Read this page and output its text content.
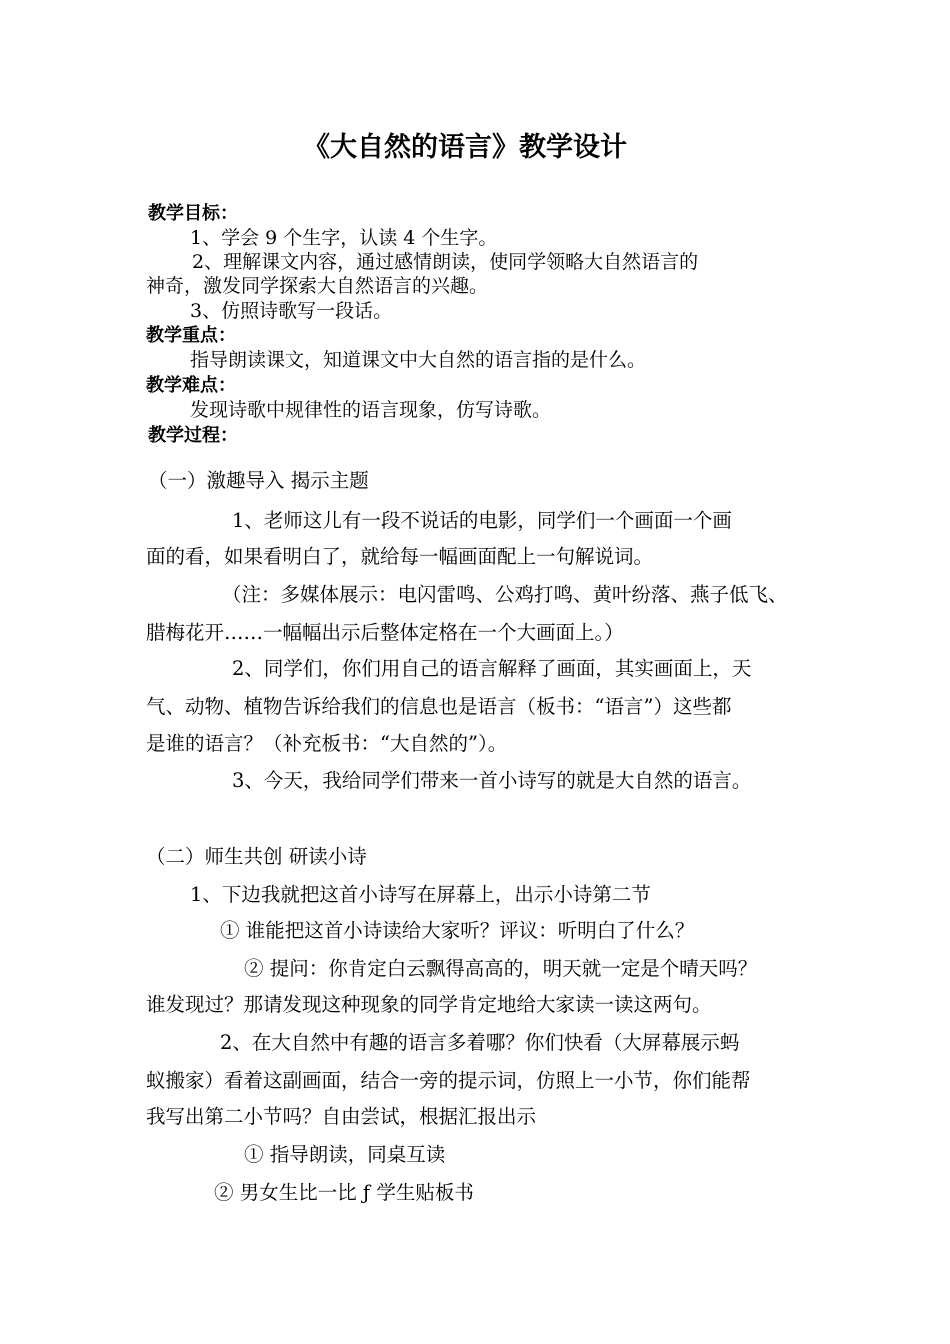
《大自然的语言》教学设计
教学目标：
1、学会 9 个生字，认读 4 个生字。
2、理解课文内容，通过感情朗读，使同学领略大自然语言的
神奇，激发同学探索大自然语言的兴趣。
3、仿照诗歌写一段话。
教学重点：
指导朗读课文，知道课文中大自然的语言指的是什么。
教学难点：
发现诗歌中规律性的语言现象，仿写诗歌。
教学过程：
（一）激趣导入 揭示主题
1、老师这儿有一段不说话的电影，同学们一个画面一个画
面的看，如果看明白了，就给每一幅画面配上一句解说词。
（注：多媒体展示：电闪雷鸣、公鸡打鸣、黄叶纷落、燕子低飞、
腊梅花开……一幅幅出示后整体定格在一个大画面上。）
2、同学们，你们用自己的语言解释了画面，其实画面上，天
气、动物、植物告诉给我们的信息也是语言（板书：“语言”）这些都
是谁的语言？（补充板书：“大自然的”）。
3、今天，我给同学们带来一首小诗写的就是大自然的语言。
（二）师生共创 研读小诗
1、下边我就把这首小诗写在屏幕上，出示小诗第二节
① 谁能把这首小诗读给大家听？评议：听明白了什么？
② 提问：你肯定白云飘得高高的，明天就一定是个晴天吗？
谁发现过？那请发现这种现象的同学肯定地给大家读一读这两句。
2、在大自然中有趣的语言多着哪？你们快看（大屏幕展示蚂
蚁搬家）看着这副画面，结合一旁的提示词，仿照上一小节，你们能帮
我写出第二小节吗？自由尝试，根据汇报出示
① 指导朗读，同桌互读
② 男女生比一比 ƒ 学生贴板书
